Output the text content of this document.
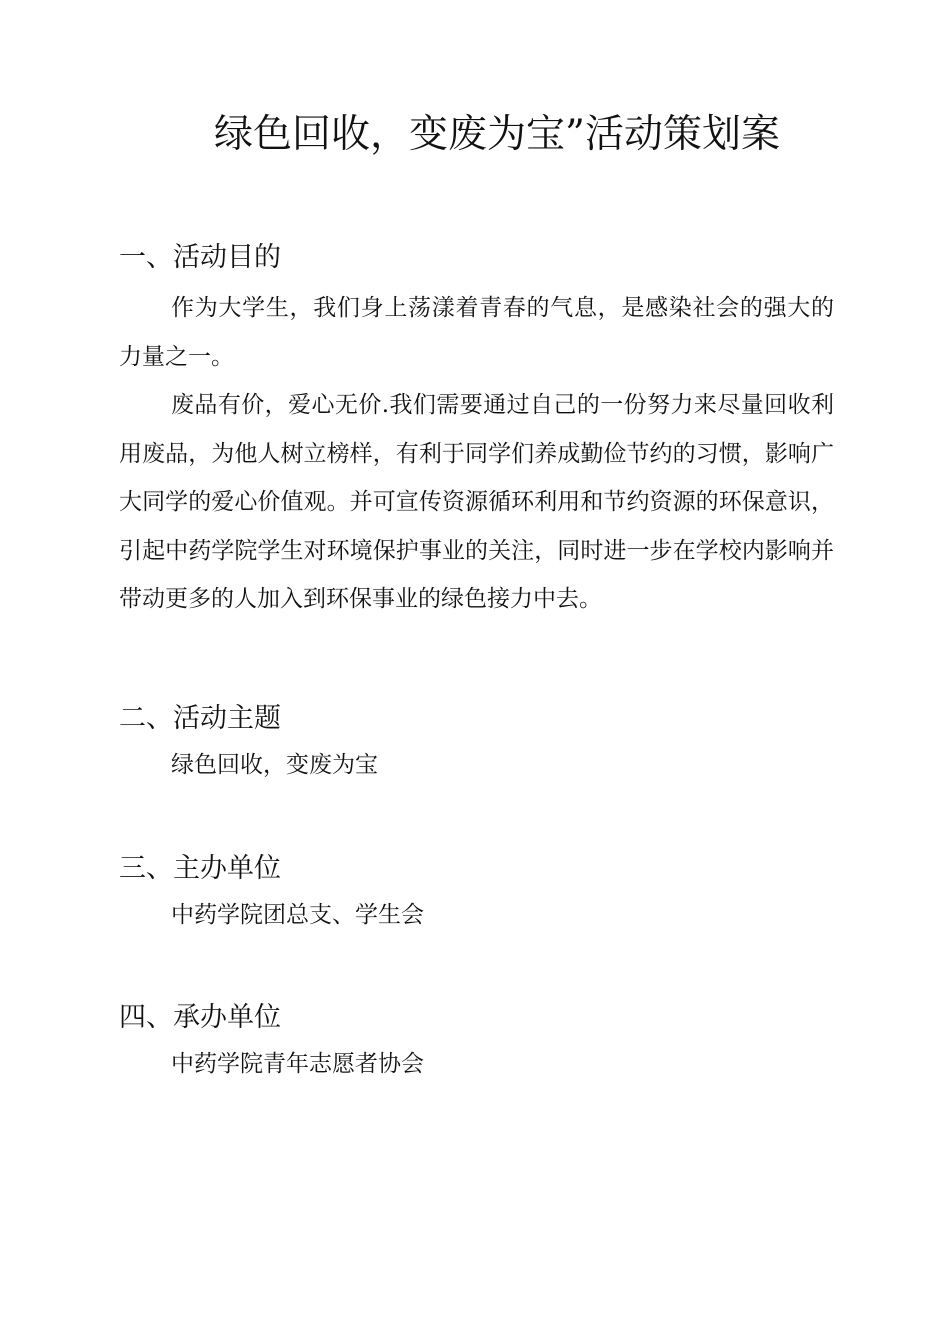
绿色回收，变废为宝”活动策划案
一、活动目的

作为大学生，我们身上荡漾着青春的气息，是感染社会的强大的力量之一。

废品有价，爱心无价.我们需要通过自己的一份努力来尽量回收利用废品，为他人树立榜样，有利于同学们养成勤俭节约的习惯，影响广大同学的爱心价值观。并可宣传资源循环利用和节约资源的环保意识，引起中药学院学生对环境保护事业的关注，同时进一步在学校内影响并带动更多的人加入到环保事业的绿色接力中去。

二、活动主题
绿色回收，变废为宝
三、主办单位
中药学院团总支、学生会
四、承办单位
中药学院青年志愿者协会
